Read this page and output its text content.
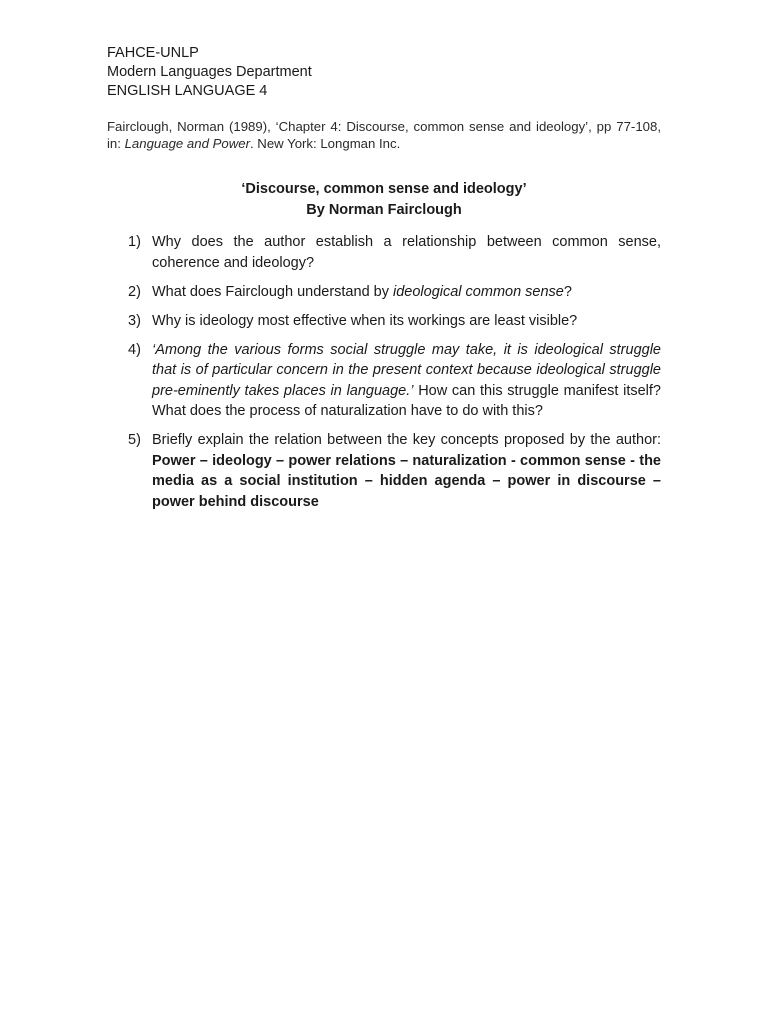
FAHCE-UNLP

Modern Languages Department

ENGLISH LANGUAGE 4

Fairclough, Norman (1989), ‘Chapter 4: Discourse, common sense and ideology’, pp 77-108, in: Language and Power. New York: Longman Inc.
‘Discourse, common sense and ideology’
By Norman Fairclough
1) Why does the author establish a relationship between common sense, coherence and ideology?
2) What does Fairclough understand by ideological common sense?
3) Why is ideology most effective when its workings are least visible?
4) ‘Among the various forms social struggle may take, it is ideological struggle that is of particular concern in the present context because ideological struggle pre-eminently takes places in language.’ How can this struggle manifest itself? What does the process of naturalization have to do with this?
5) Briefly explain the relation between the key concepts proposed by the author: Power – ideology – power relations – naturalization - common sense - the media as a social institution – hidden agenda – power in discourse – power behind discourse
